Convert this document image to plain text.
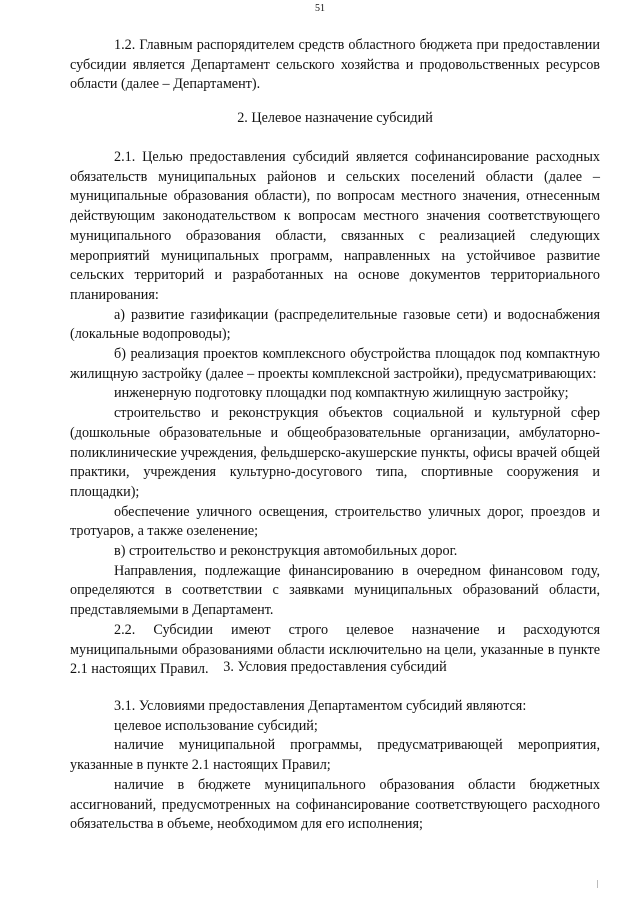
51

1.2. Главным распорядителем средств областного бюджета при предоставлении субсидии является Департамент сельского хозяйства и продовольственных ресурсов области (далее – Департамент).

2. Целевое назначение субсидий

2.1. Целью предоставления субсидий является софинансирование расходных обязательств муниципальных районов и сельских поселений области (далее – муниципальные образования области), по вопросам местного значения, отнесенным действующим законодательством к вопросам местного значения соответствующего муниципального образования области, связанных с реализацией следующих мероприятий муниципальных программ, направленных на устойчивое развитие сельских территорий и разработанных на основе документов территориального планирования:

а) развитие газификации (распределительные газовые сети) и водоснабжения (локальные водопроводы);

б) реализация проектов комплексного обустройства площадок под компактную жилищную застройку (далее – проекты комплексной застройки), предусматривающих:

инженерную подготовку площадки под компактную жилищную застройку;

строительство и реконструкция объектов социальной и культурной сфер (дошкольные образовательные и общеобразовательные организации, амбулаторно-поликлинические учреждения, фельдшерско-акушерские пункты, офисы врачей общей практики, учреждения культурно-досугового типа, спортивные сооружения и площадки);

обеспечение уличного освещения, строительство уличных дорог, проездов и тротуаров, а также озеленение;

в) строительство и реконструкция автомобильных дорог.

Направления, подлежащие финансированию в очередном финансовом году, определяются в соответствии с заявками муниципальных образований области, представляемыми в Департамент.

2.2. Субсидии имеют строго целевое назначение и расходуются муниципальными образованиями области исключительно на цели, указанные в пункте 2.1 настоящих Правил.	3. Условия предоставления субсидий

3.1. Условиями предоставления Департаментом субсидий являются:

целевое использование субсидий;

наличие муниципальной программы, предусматривающей мероприятия, указанные в пункте 2.1 настоящих Правил;

наличие в бюджете муниципального образования области бюджетных ассигнований, предусмотренных на софинансирование соответствующего расходного обязательства в объеме, необходимом для его исполнения;
